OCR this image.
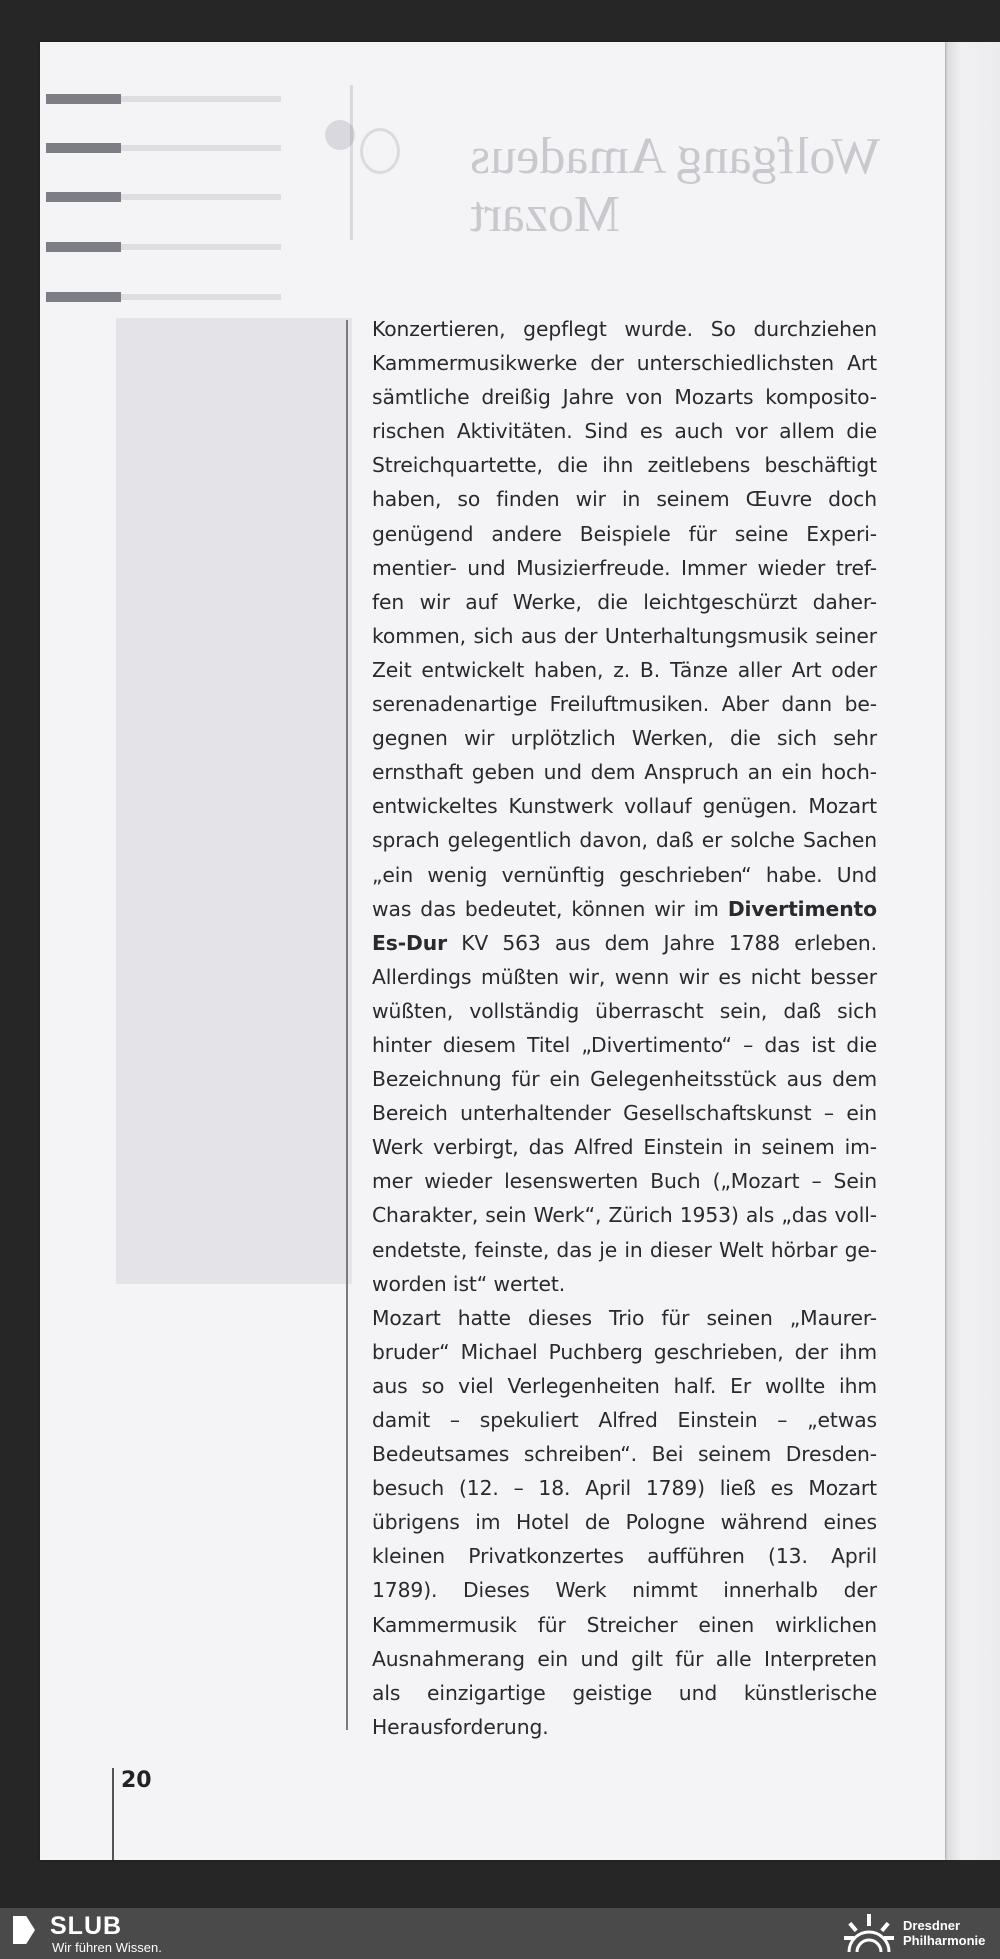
Wolfgang Amadeus
Mozart
Konzertieren, gepflegt wurde. So durchziehen
Kammermusikwerke der unterschiedlichsten Art
sämtliche dreißig Jahre von Mozarts komposito-
rischen Aktivitäten. Sind es auch vor allem die
Streichquartette, die ihn zeitlebens beschäftigt
haben, so finden wir in seinem Œuvre doch
genügend andere Beispiele für seine Experi-
mentier- und Musizierfreude. Immer wieder tref-
fen wir auf Werke, die leichtgeschürzt daher-
kommen, sich aus der Unterhaltungsmusik seiner
Zeit entwickelt haben, z. B. Tänze aller Art oder
serenadenartige Freiluftmusiken. Aber dann be-
gegnen wir urplötzlich Werken, die sich sehr
ernsthaft geben und dem Anspruch an ein hoch-
entwickeltes Kunstwerk vollauf genügen. Mozart
sprach gelegentlich davon, daß er solche Sachen
„ein wenig vernünftig geschrieben“ habe. Und
was das bedeutet, können wir im Divertimento
Es-Dur KV 563 aus dem Jahre 1788 erleben.
Allerdings müßten wir, wenn wir es nicht besser
wüßten, vollständig überrascht sein, daß sich
hinter diesem Titel „Divertimento“ – das ist die
Bezeichnung für ein Gelegenheitsstück aus dem
Bereich unterhaltender Gesellschaftskunst – ein
Werk verbirgt, das Alfred Einstein in seinem im-
mer wieder lesenswerten Buch („Mozart – Sein
Charakter, sein Werk“, Zürich 1953) als „das voll-
endetste, feinste, das je in dieser Welt hörbar ge-
worden ist“ wertet.
Mozart hatte dieses Trio für seinen „Maurer-
bruder“ Michael Puchberg geschrieben, der ihm
aus so viel Verlegenheiten half. Er wollte ihm
damit – spekuliert Alfred Einstein – „etwas
Bedeutsames schreiben“. Bei seinem Dresden-
besuch (12. – 18. April 1789) ließ es Mozart
übrigens im Hotel de Pologne während eines
kleinen Privatkonzertes aufführen (13. April
1789). Dieses Werk nimmt innerhalb der
Kammermusik für Streicher einen wirklichen
Ausnahmerang ein und gilt für alle Interpreten
als einzigartige geistige und künstlerische
Herausforderung.
20
SLUB
Wir führen Wissen.
Dresdner
Philharmonie
